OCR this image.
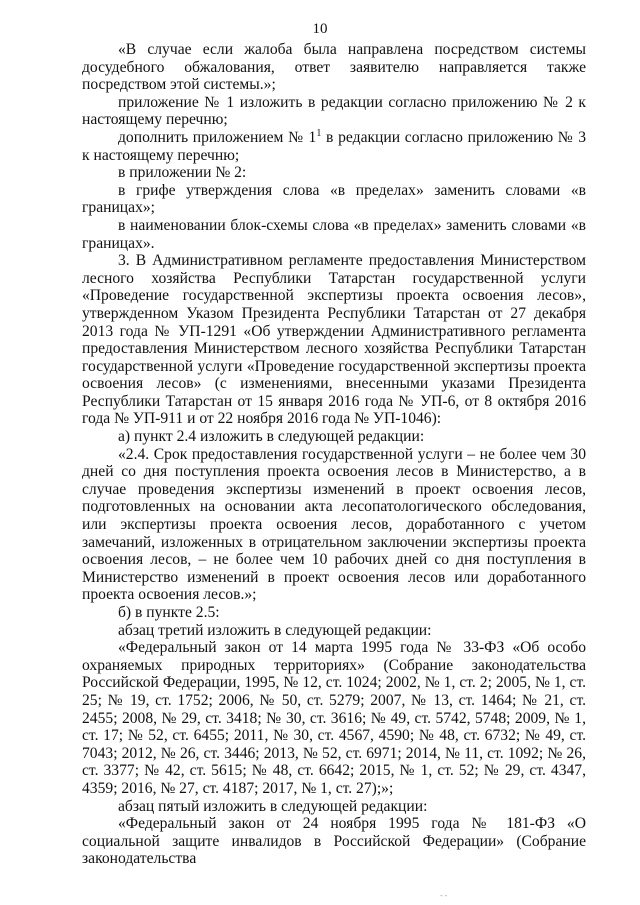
10

«В случае если жалоба была направлена посредством системы досудебного обжалования, ответ заявителю направляется также посредством этой системы.»;

приложение № 1 изложить в редакции согласно приложению № 2 к настоящему перечню;

дополнить приложением № $1^1$ в редакции согласно приложению № 3 к настоящему перечню;

в приложении № 2:

в грифе утверждения слова «в пределах» заменить словами «в границах»;

в наименовании блок-схемы слова «в пределах» заменить словами «в границах».

3. В Административном регламенте предоставления Министерством лесного хозяйства Республики Татарстан государственной услуги «Проведение государственной экспертизы проекта освоения лесов», утвержденном Указом Президента Республики Татарстан от 27 декабря 2013 года № УП-1291 «Об утверждении Административного регламента предоставления Министерством лесного хозяйства Республики Татарстан государственной услуги «Проведение государственной экспертизы проекта освоения лесов» (с изменениями, внесенными указами Президента Республики Татарстан от 15 января 2016 года № УП-6, от 8 октября 2016 года № УП-911 и от 22 ноября 2016 года № УП-1046):

а) пункт 2.4 изложить в следующей редакции:

«2.4. Срок предоставления государственной услуги – не более чем 30 дней со дня поступления проекта освоения лесов в Министерство, а в случае проведения экспертизы изменений в проект освоения лесов, подготовленных на основании акта лесопатологического обследования, или экспертизы проекта освоения лесов, доработанного с учетом замечаний, изложенных в отрицательном заключении экспертизы проекта освоения лесов, – не более чем 10 рабочих дней со дня поступления в Министерство изменений в проект освоения лесов или доработанного проекта освоения лесов.»;

б) в пункте 2.5:

абзац третий изложить в следующей редакции:

«Федеральный закон от 14 марта 1995 года № 33-ФЗ «Об особо охраняемых природных территориях» (Собрание законодательства Российской Федерации, 1995, № 12, ст. 1024; 2002, № 1, ст. 2; 2005, № 1, ст. 25; № 19, ст. 1752; 2006, № 50, ст. 5279; 2007, № 13, ст. 1464; № 21, ст. 2455; 2008, № 29, ст. 3418; № 30, ст. 3616; № 49, ст. 5742, 5748; 2009, № 1, ст. 17; № 52, ст. 6455; 2011, № 30, ст. 4567, 4590; № 48, ст. 6732; № 49, ст. 7043; 2012, № 26, ст. 3446; 2013, № 52, ст. 6971; 2014, № 11, ст. 1092; № 26, ст. 3377; № 42, ст. 5615; № 48, ст. 6642; 2015, № 1, ст. 52; № 29, ст. 4347, 4359; 2016, № 27, ст. 4187; 2017, № 1, ст. 27);»;

абзац пятый изложить в следующей редакции:

«Федеральный закон от 24 ноября 1995 года № 181-ФЗ «О социальной защите инвалидов в Российской Федерации» (Собрание законодательства

- -
